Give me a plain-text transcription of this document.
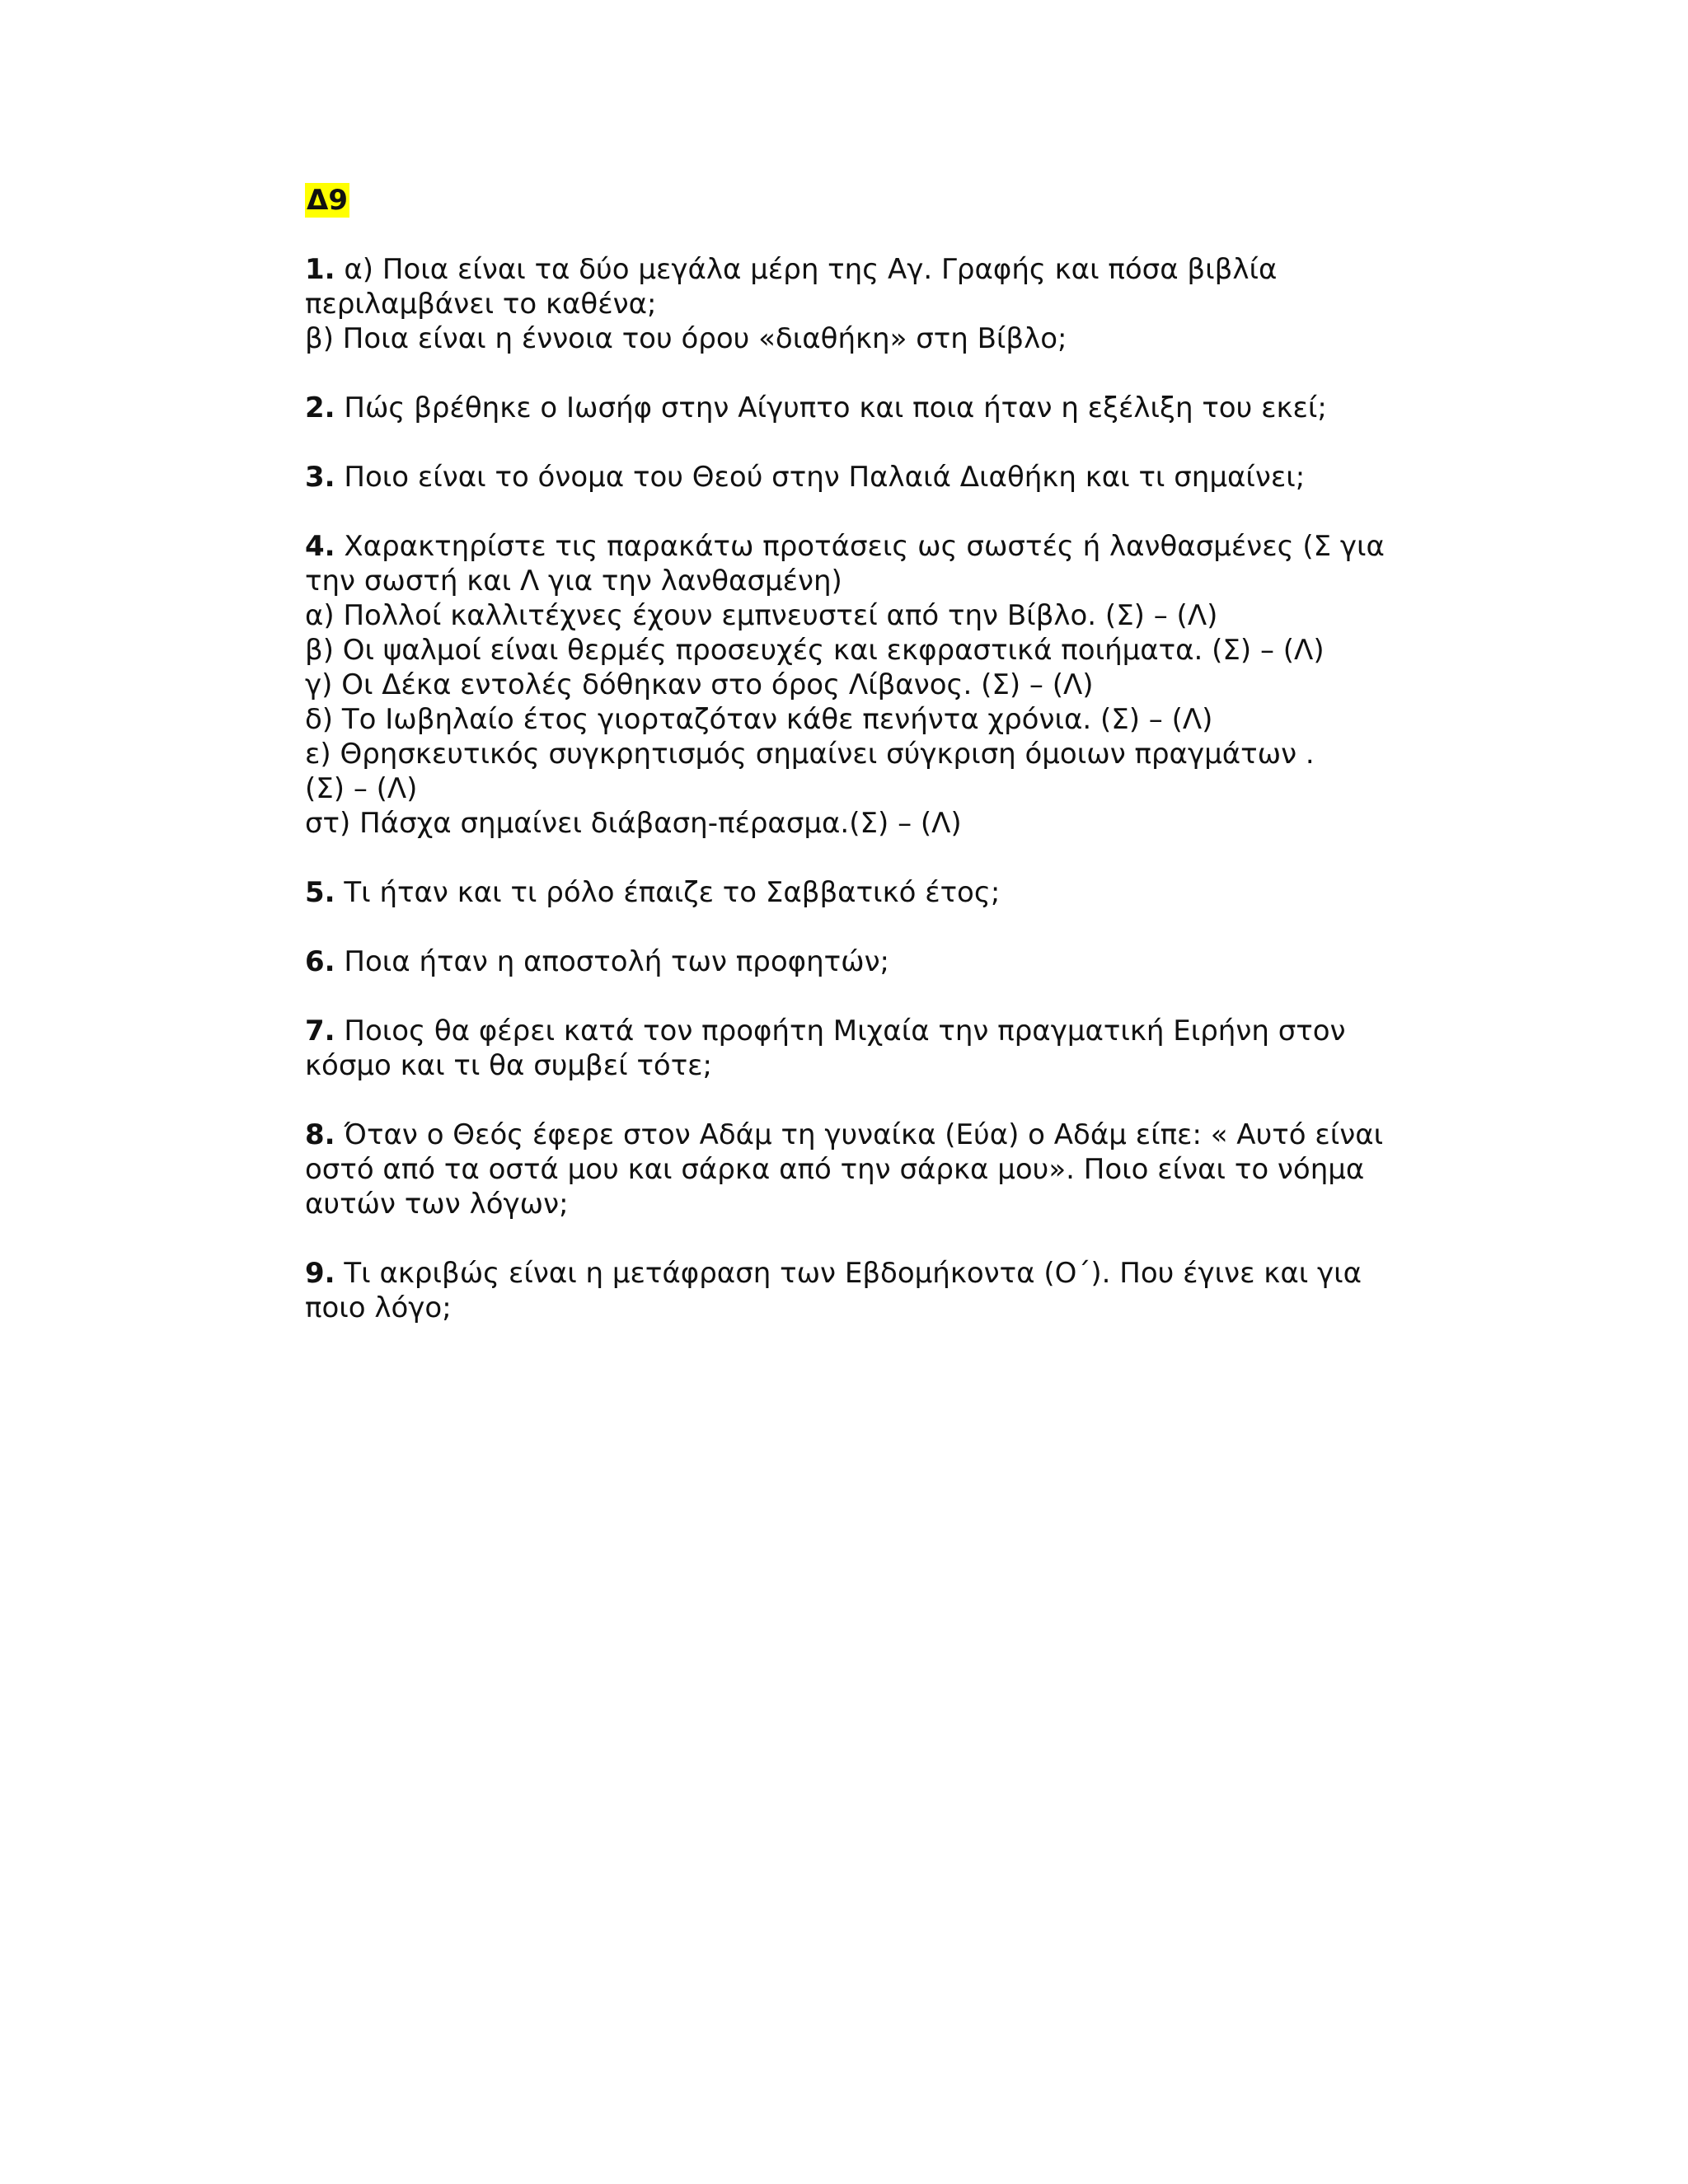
Δ9

1. α) Ποια είναι τα δύο μεγάλα μέρη της Αγ. Γραφής και πόσα βιβλία περιλαμβάνει το καθένα;

β) Ποια είναι η έννοια του όρου «διαθήκη» στη Βίβλο;

2. Πώς βρέθηκε ο Ιωσήφ στην Αίγυπτο και ποια ήταν η εξέλιξη του εκεί;

3. Ποιο είναι το όνομα του Θεού στην Παλαιά Διαθήκη και τι σημαίνει;

4. Χαρακτηρίστε τις παρακάτω προτάσεις ως σωστές ή λανθασμένες (Σ για την σωστή και Λ για την λανθασμένη)

α) Πολλοί καλλιτέχνες έχουν εμπνευστεί από την Βίβλο. (Σ) – (Λ)

β) Οι ψαλμοί είναι θερμές προσευχές και εκφραστικά ποιήματα. (Σ) – (Λ)

γ) Οι Δέκα εντολές δόθηκαν στο όρος Λίβανος. (Σ) – (Λ)

δ) Το Ιωβηλαίο έτος γιορταζόταν κάθε πενήντα χρόνια. (Σ) – (Λ)

ε) Θρησκευτικός συγκρητισμός σημαίνει σύγκριση όμοιων πραγμάτων .

(Σ) – (Λ)

στ) Πάσχα σημαίνει διάβαση-πέρασμα.(Σ) – (Λ)

5. Τι ήταν και τι ρόλο έπαιζε το Σαββατικό έτος;

6. Ποια ήταν η αποστολή των προφητών;

7. Ποιος θα φέρει κατά τον προφήτη Μιχαία την πραγματική Ειρήνη στον κόσμο και τι θα συμβεί τότε;

8. Όταν ο Θεός έφερε στον Αδάμ τη γυναίκα (Εύα) ο Αδάμ είπε: « Αυτό είναι οστό από τα οστά μου και σάρκα από την σάρκα μου». Ποιο είναι το νόημα αυτών των λόγων;

9. Τι ακριβώς είναι η μετάφραση των Εβδομήκοντα (Ο΄). Που έγινε και για ποιο λόγο;
